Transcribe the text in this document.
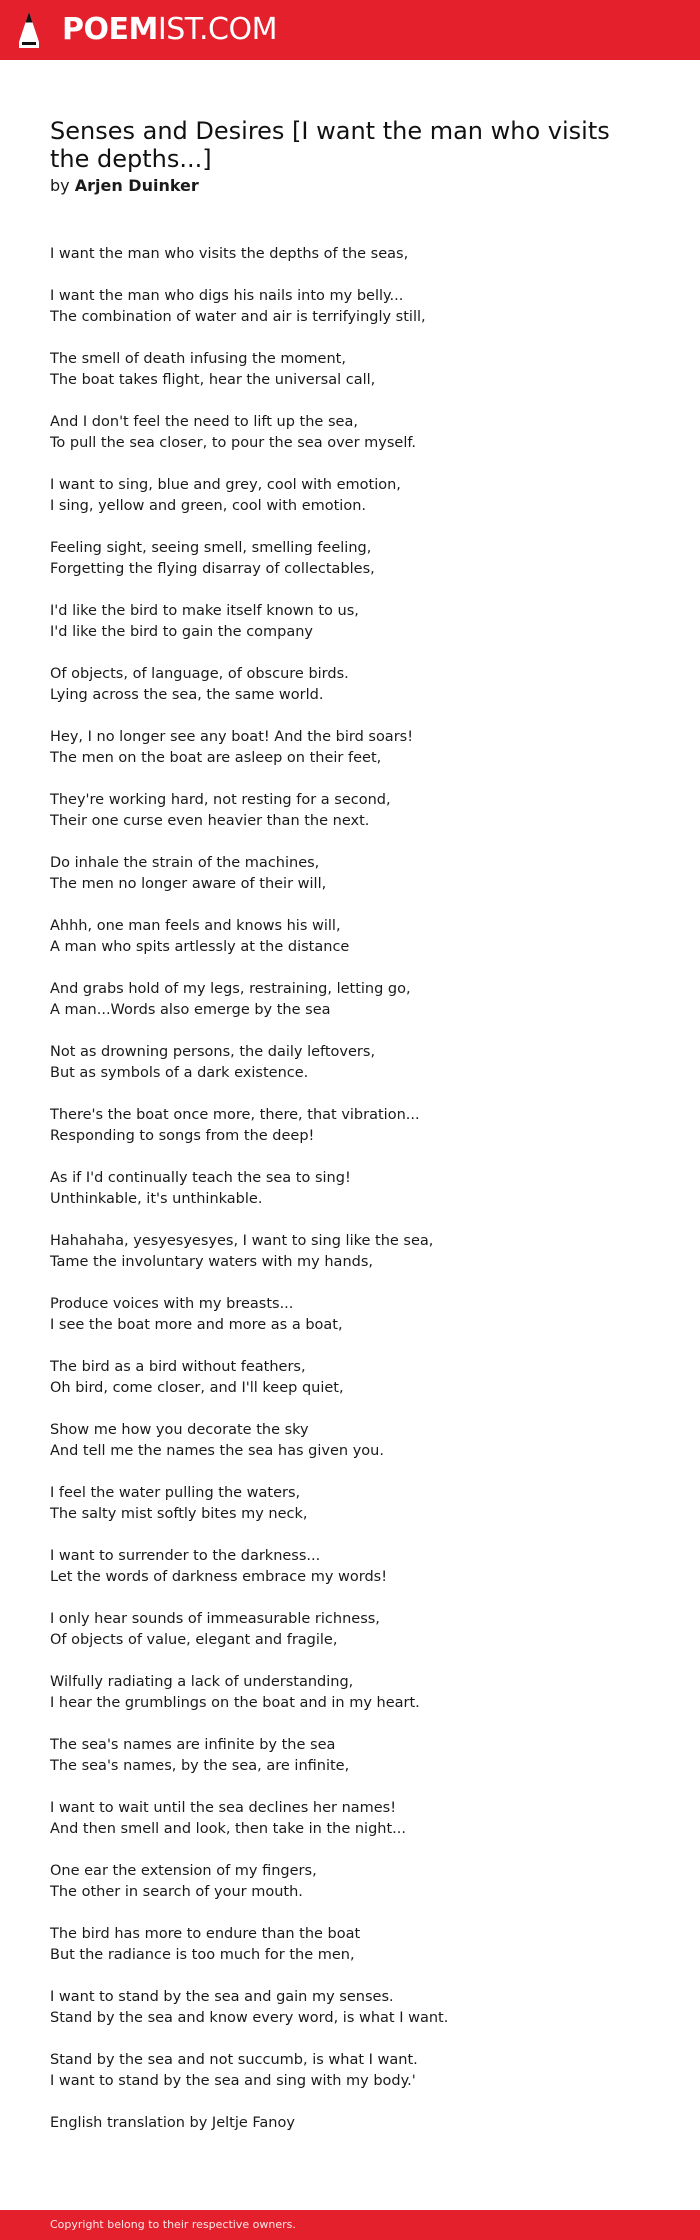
POEMIST.COM
Senses and Desires [I want the man who visits the depths...]
by Arjen Duinker
I want the man who visits the depths of the seas,
I want the man who digs his nails into my belly...
The combination of water and air is terrifyingly still,
The smell of death infusing the moment,
The boat takes flight, hear the universal call,
And I don't feel the need to lift up the sea,
To pull the sea closer, to pour the sea over myself.
I want to sing, blue and grey, cool with emotion,
I sing, yellow and green, cool with emotion.
Feeling sight, seeing smell, smelling feeling,
Forgetting the flying disarray of collectables,
I'd like the bird to make itself known to us,
I'd like the bird to gain the company
Of objects, of language, of obscure birds.
Lying across the sea, the same world.
Hey, I no longer see any boat! And the bird soars!
The men on the boat are asleep on their feet,
They're working hard, not resting for a second,
Their one curse even heavier than the next.
Do inhale the strain of the machines,
The men no longer aware of their will,
Ahhh, one man feels and knows his will,
A man who spits artlessly at the distance
And grabs hold of my legs, restraining, letting go,
A man...Words also emerge by the sea
Not as drowning persons, the daily leftovers,
But as symbols of a dark existence.
There's the boat once more, there, that vibration...
Responding to songs from the deep!
As if I'd continually teach the sea to sing!
Unthinkable, it's unthinkable.
Hahahaha, yesyesyesyes, I want to sing like the sea,
Tame the involuntary waters with my hands,
Produce voices with my breasts...
I see the boat more and more as a boat,
The bird as a bird without feathers,
Oh bird, come closer, and I'll keep quiet,
Show me how you decorate the sky
And tell me the names the sea has given you.
I feel the water pulling the waters,
The salty mist softly bites my neck,
I want to surrender to the darkness...
Let the words of darkness embrace my words!
I only hear sounds of immeasurable richness,
Of objects of value, elegant and fragile,
Wilfully radiating a lack of understanding,
I hear the grumblings on the boat and in my heart.
The sea's names are infinite by the sea
The sea's names, by the sea, are infinite,
I want to wait until the sea declines her names!
And then smell and look, then take in the night...
One ear the extension of my fingers,
The other in search of your mouth.
The bird has more to endure than the boat
But the radiance is too much for the men,
I want to stand by the sea and gain my senses.
Stand by the sea and know every word, is what I want.
Stand by the sea and not succumb, is what I want.
I want to stand by the sea and sing with my body.'
English translation by Jeltje Fanoy
Copyright belong to their respective owners.
